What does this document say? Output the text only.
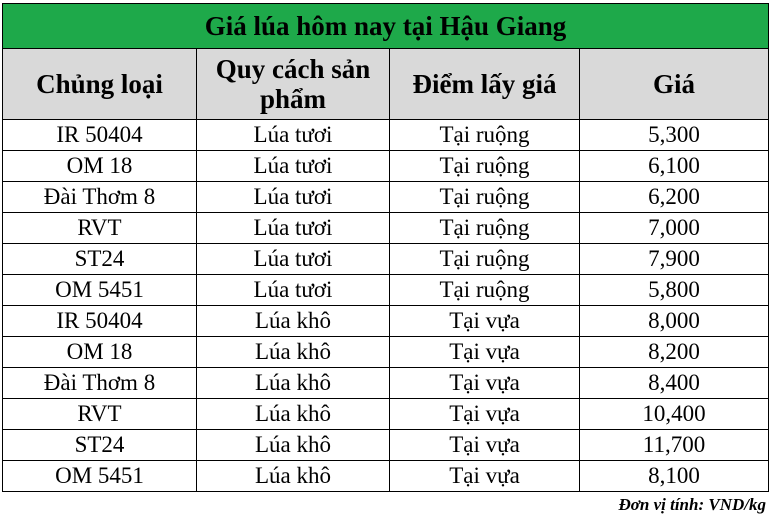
Giá lúa hôm nay tại Hậu Giang			
Chủng loại	Quy cách sản phẩm	Điểm lấy giá	Giá
IR 50404	Lúa tươi	Tại ruộng	5,300
OM 18	Lúa tươi	Tại ruộng	6,100
Đài Thơm 8	Lúa tươi	Tại ruộng	6,200
RVT	Lúa tươi	Tại ruộng	7,000
ST24	Lúa tươi	Tại ruộng	7,900
OM 5451	Lúa tươi	Tại ruộng	5,800
IR 50404	Lúa khô	Tại vựa	8,000
OM 18	Lúa khô	Tại vựa	8,200
Đài Thơm 8	Lúa khô	Tại vựa	8,400
RVT	Lúa khô	Tại vựa	10,400
ST24	Lúa khô	Tại vựa	11,700
OM 5451	Lúa khô	Tại vựa	8,100
Đơn vị tính: VND/kg
